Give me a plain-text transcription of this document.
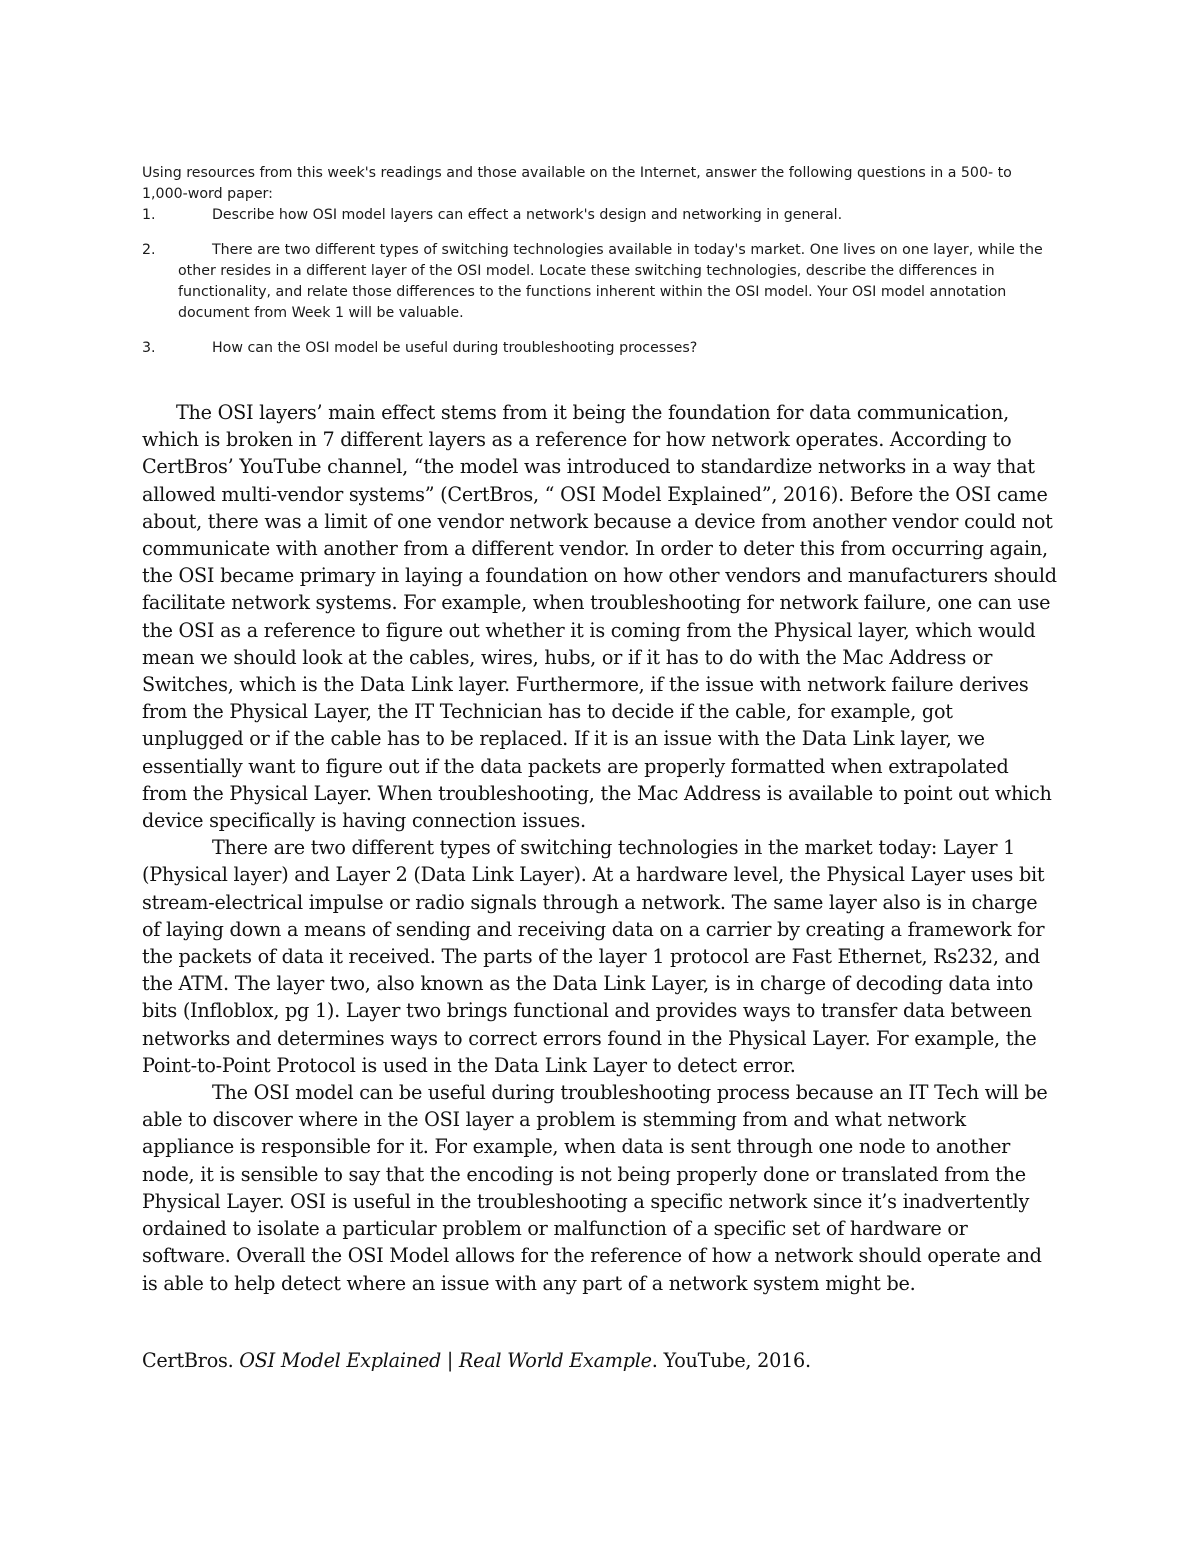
Using resources from this week's readings and those available on the Internet, answer the following questions in a 500- to 1,000-word paper:

1.	Describe how OSI model layers can effect a network's design and networking in general.
2.	There are two different types of switching technologies available in today's market. One lives on one layer, while the other resides in a different layer of the OSI model. Locate these switching technologies, describe the differences in functionality, and relate those differences to the functions inherent within the OSI model. Your OSI model annotation document from Week 1 will be valuable.
3.	How can the OSI model be useful during troubleshooting processes?

The OSI layers’ main effect stems from it being the foundation for data communication, which is broken in 7 different layers as a reference for how network operates. According to CertBros’ YouTube channel, “the model was introduced to standardize networks in a way that allowed multi-vendor systems” (CertBros, “ OSI Model Explained”, 2016). Before the OSI came about, there was a limit of one vendor network because a device from another vendor could not communicate with another from a different vendor. In order to deter this from occurring again, the OSI became primary in laying a foundation on how other vendors and manufacturers should facilitate network systems. For example, when troubleshooting for network failure, one can use the OSI as a reference to figure out whether it is coming from the Physical layer, which would mean we should look at the cables, wires, hubs, or if it has to do with the Mac Address or Switches, which is the Data Link layer. Furthermore, if the issue with network failure derives from the Physical Layer, the IT Technician has to decide if the cable, for example, got unplugged or if the cable has to be replaced. If it is an issue with the Data Link layer, we essentially want to figure out if the data packets are properly formatted when extrapolated from the Physical Layer. When troubleshooting, the Mac Address is available to point out which device specifically is having connection issues.

There are two different types of switching technologies in the market today: Layer 1 (Physical layer) and Layer 2 (Data Link Layer). At a hardware level, the Physical Layer uses bit stream-electrical impulse or radio signals through a network. The same layer also is in charge of laying down a means of sending and receiving data on a carrier by creating a framework for the packets of data it received. The parts of the layer 1 protocol are Fast Ethernet, Rs232, and the ATM. The layer two, also known as the Data Link Layer, is in charge of decoding data into bits (Infloblox, pg 1). Layer two brings functional and provides ways to transfer data between networks and determines ways to correct errors found in the Physical Layer. For example, the Point-to-Point Protocol is used in the Data Link Layer to detect error.

The OSI model can be useful during troubleshooting process because an IT Tech will be able to discover where in the OSI layer a problem is stemming from and what network appliance is responsible for it. For example, when data is sent through one node to another node, it is sensible to say that the encoding is not being properly done or translated from the Physical Layer. OSI is useful in the troubleshooting a specific network since it’s inadvertently ordained to isolate a particular problem or malfunction of a specific set of hardware or software. Overall the OSI Model allows for the reference of how a network should operate and is able to help detect where an issue with any part of a network system might be.

CertBros. OSI Model Explained | Real World Example. YouTube, 2016.
